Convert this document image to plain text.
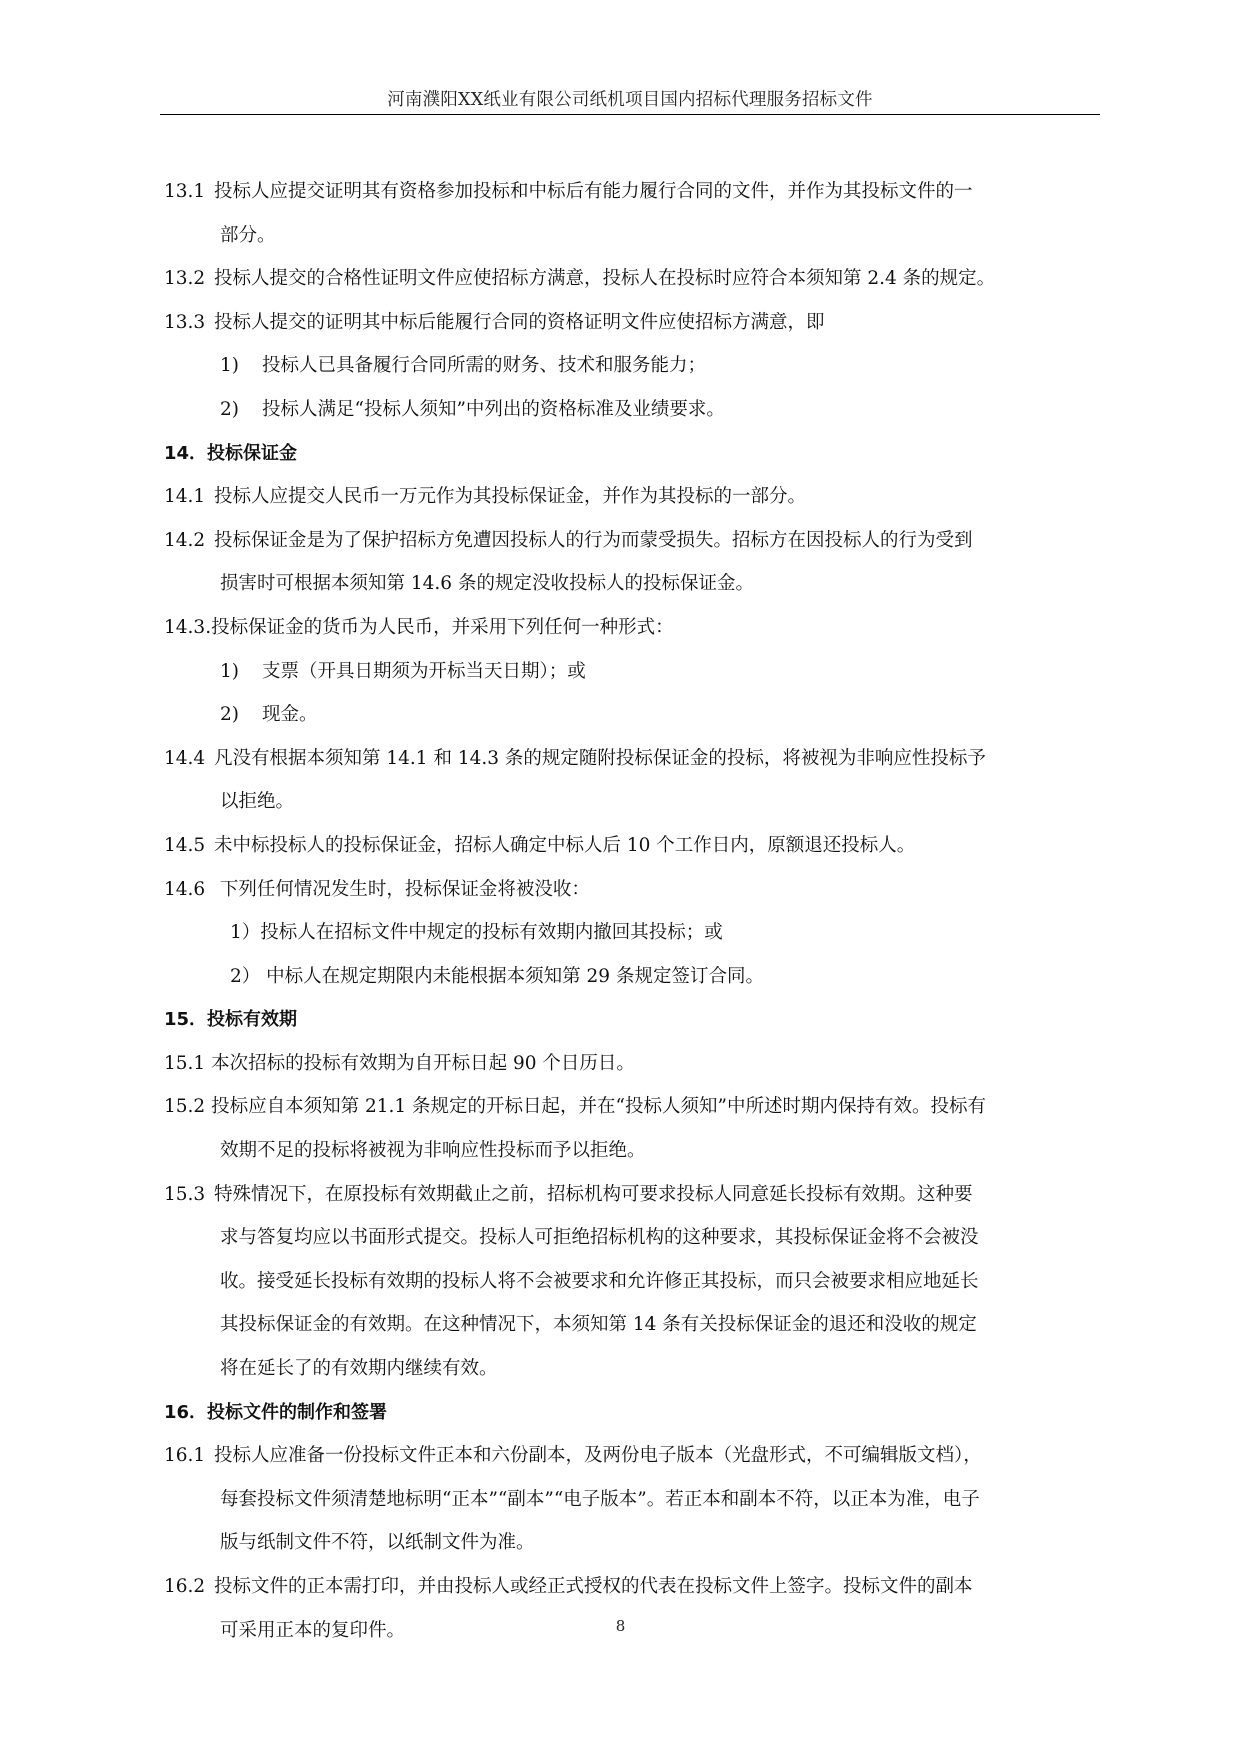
河南濮阳XX纸业有限公司纸机项目国内招标代理服务招标文件
13.1 投标人应提交证明其有资格参加投标和中标后有能力履行合同的文件，并作为其投标文件的一
部分。
13.2 投标人提交的合格性证明文件应使招标方满意，投标人在投标时应符合本须知第 2.4 条的规定。
13.3 投标人提交的证明其中标后能履行合同的资格证明文件应使招标方满意，即
1) 投标人已具备履行合同所需的财务、技术和服务能力；
2) 投标人满足“投标人须知”中列出的资格标准及业绩要求。
14．投标保证金
14.1 投标人应提交人民币一万元作为其投标保证金，并作为其投标的一部分。
14.2 投标保证金是为了保护招标方免遭因投标人的行为而蒙受损失。招标方在因投标人的行为受到
损害时可根据本须知第 14.6 条的规定没收投标人的投标保证金。
14.3.投标保证金的货币为人民币，并采用下列任何一种形式：
1) 支票（开具日期须为开标当天日期）；或
2) 现金。
14.4 凡没有根据本须知第 14.1 和 14.3 条的规定随附投标保证金的投标，将被视为非响应性投标予
以拒绝。
14.5 未中标投标人的投标保证金，招标人确定中标人后 10 个工作日内，原额退还投标人。
14.6 下列任何情况发生时，投标保证金将被没收：
1）投标人在招标文件中规定的投标有效期内撤回其投标；或
2） 中标人在规定期限内未能根据本须知第 29 条规定签订合同。
15．投标有效期
15.1 本次招标的投标有效期为自开标日起 90 个日历日。
15.2 投标应自本须知第 21.1 条规定的开标日起，并在“投标人须知”中所述时期内保持有效。投标有
效期不足的投标将被视为非响应性投标而予以拒绝。
15.3 特殊情况下，在原投标有效期截止之前，招标机构可要求投标人同意延长投标有效期。这种要
求与答复均应以书面形式提交。投标人可拒绝招标机构的这种要求，其投标保证金将不会被没
收。接受延长投标有效期的投标人将不会被要求和允许修正其投标，而只会被要求相应地延长
其投标保证金的有效期。在这种情况下，本须知第 14 条有关投标保证金的退还和没收的规定
将在延长了的有效期内继续有效。
16．投标文件的制作和签署
16.1 投标人应准备一份投标文件正本和六份副本，及两份电子版本（光盘形式，不可编辑版文档），
每套投标文件须清楚地标明“正本”“副本”“电子版本”。若正本和副本不符，以正本为准，电子
版与纸制文件不符，以纸制文件为准。
16.2 投标文件的正本需打印，并由投标人或经正式授权的代表在投标文件上签字。投标文件的副本
可采用正本的复印件。	8
